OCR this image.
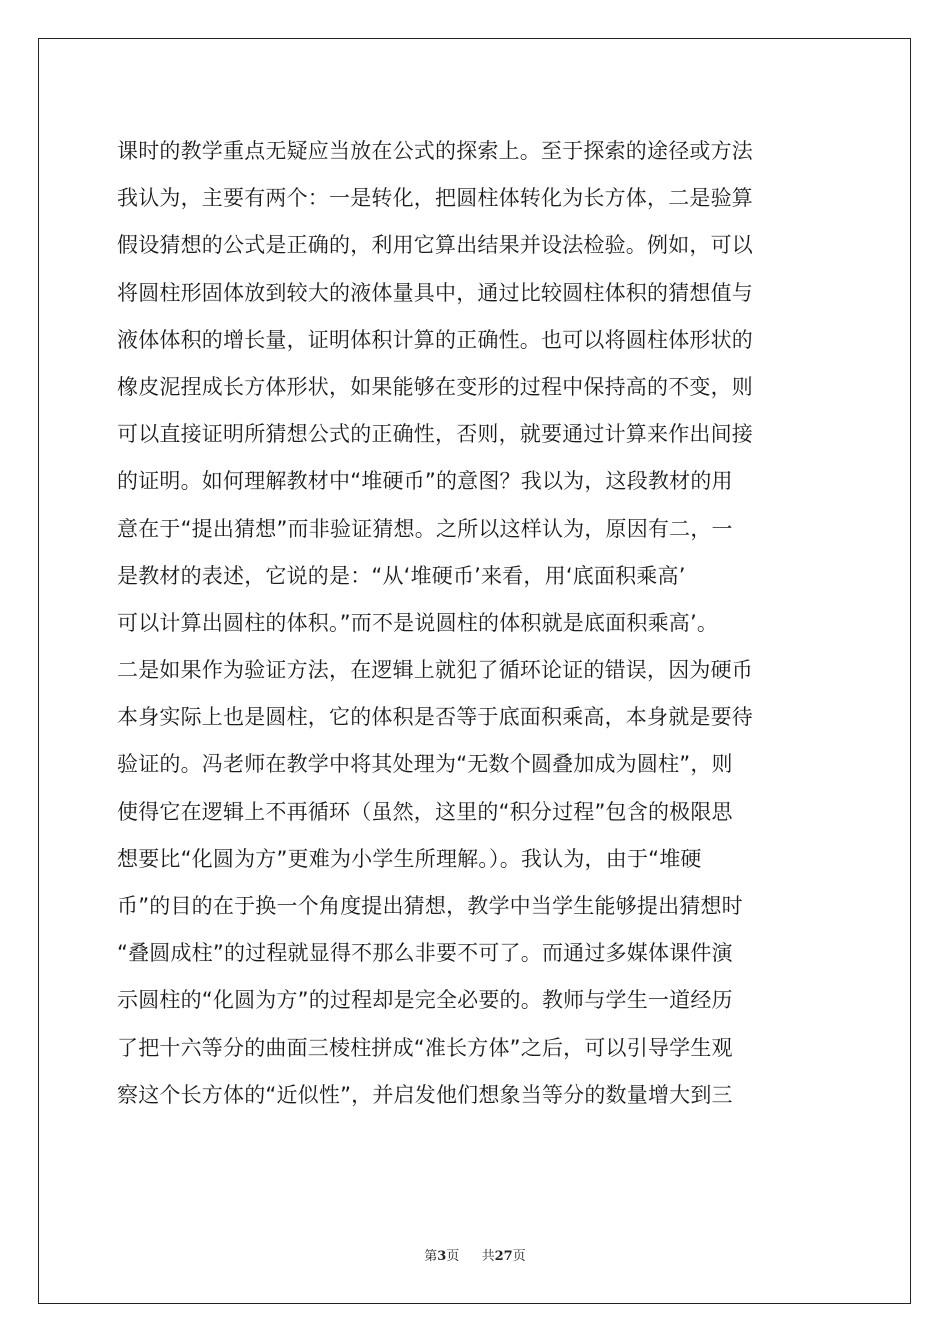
课时的教学重点无疑应当放在公式的探索上。至于探索的途径或方法
我认为，主要有两个：一是转化，把圆柱体转化为长方体，二是验算
假设猜想的公式是正确的，利用它算出结果并设法检验。例如，可以
将圆柱形固体放到较大的液体量具中，通过比较圆柱体积的猜想值与
液体体积的增长量，证明体积计算的正确性。也可以将圆柱体形状的
橡皮泥捏成长方体形状，如果能够在变形的过程中保持高的不变，则
可以直接证明所猜想公式的正确性，否则，就要通过计算来作出间接
的证明。如何理解教材中“堆硬币”的意图？我以为，这段教材的用
意在于“提出猜想”而非验证猜想。之所以这样认为，原因有二，一
是教材的表述，它说的是：“从‘堆硬币’来看，用‘底面积乘高’
可以计算出圆柱的体积。”而不是说圆柱的体积就是底面积乘高’。
二是如果作为验证方法，在逻辑上就犯了循环论证的错误，因为硬币
本身实际上也是圆柱，它的体积是否等于底面积乘高，本身就是要待
验证的。冯老师在教学中将其处理为“无数个圆叠加成为圆柱”，则
使得它在逻辑上不再循环（虽然，这里的“积分过程”包含的极限思
想要比“化圆为方”更难为小学生所理解。）。我认为，由于“堆硬
币”的目的在于换一个角度提出猜想，教学中当学生能够提出猜想时
“叠圆成柱”的过程就显得不那么非要不可了。而通过多媒体课件演
示圆柱的“化圆为方”的过程却是完全必要的。教师与学生一道经历
了把十六等分的曲面三棱柱拼成“准长方体”之后，可以引导学生观
察这个长方体的“近似性”，并启发他们想象当等分的数量增大到三
第3页 共27页
